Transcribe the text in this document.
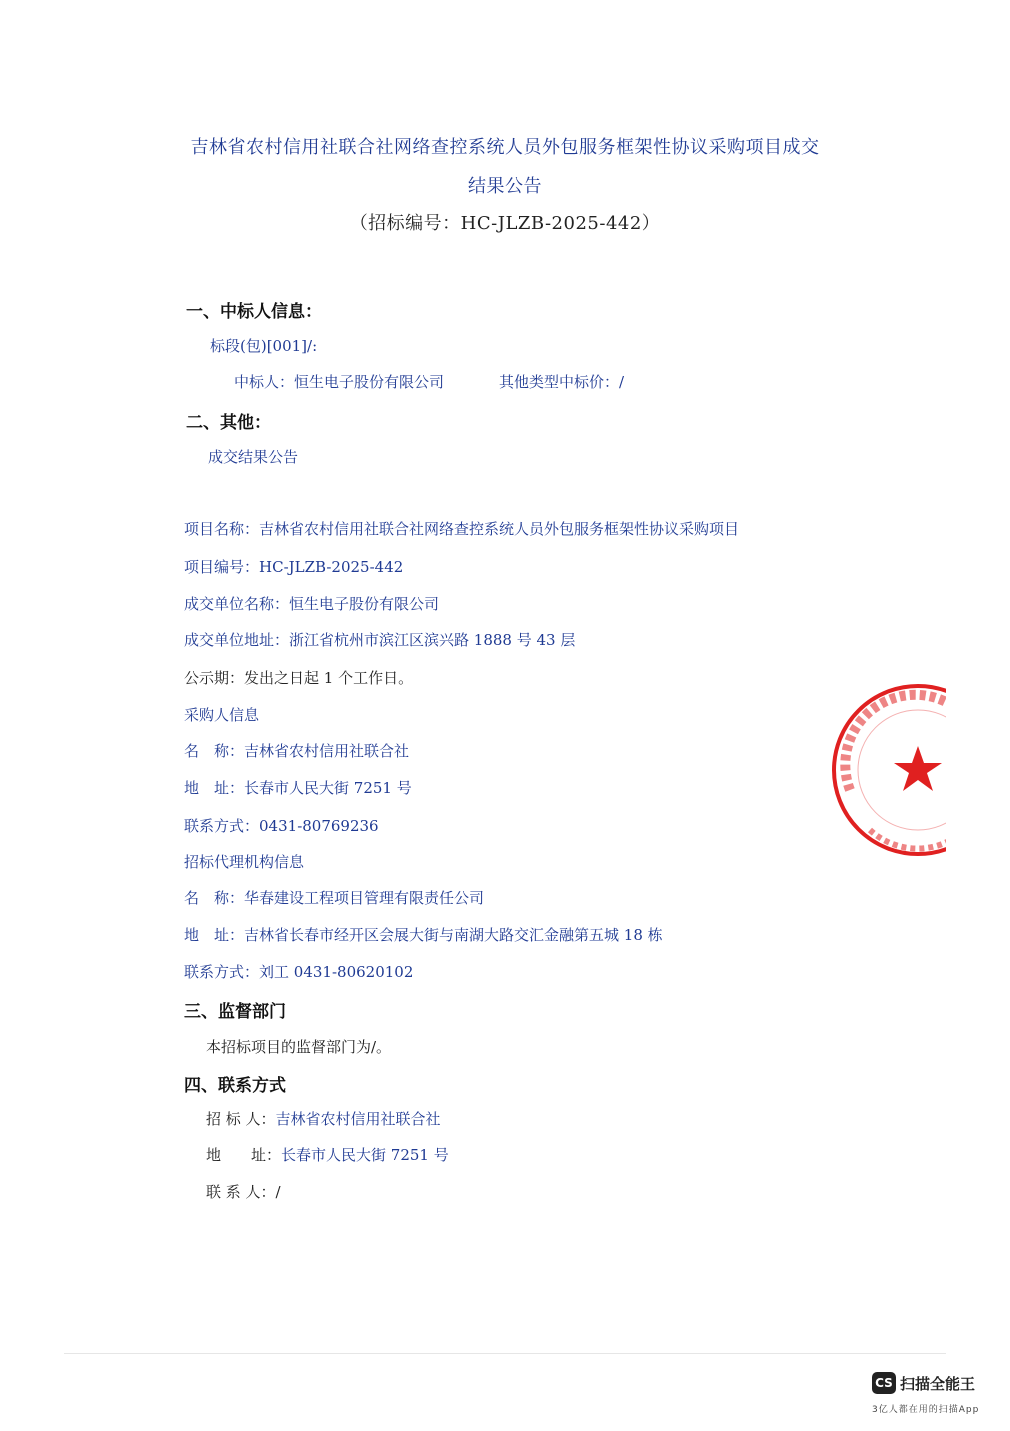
吉林省农村信用社联合社网络查控系统人员外包服务框架性协议采购项目成交
结果公告
（招标编号：HC-JLZB-2025-442）
一、中标人信息：
标段(包)[001]/:
中标人：恒生电子股份有限公司	其他类型中标价：/
二、其他：
成交结果公告
项目名称：吉林省农村信用社联合社网络查控系统人员外包服务框架性协议采购项目
项目编号：HC-JLZB-2025-442
成交单位名称：恒生电子股份有限公司
成交单位地址：浙江省杭州市滨江区滨兴路 1888 号 43 层
公示期：发出之日起 1 个工作日。
采购人信息
名　称：吉林省农村信用社联合社
地　址：长春市人民大街 7251 号
联系方式：0431-80769236
招标代理机构信息
名　称：华春建设工程项目管理有限责任公司
地　址：吉林省长春市经开区会展大街与南湖大路交汇金融第五城 18 栋
联系方式：刘工 0431-80620102
三、监督部门
本招标项目的监督部门为/。
四、联系方式
招 标 人：吉林省农村信用社联合社
地　　址：长春市人民大街 7251 号
联 系 人：/
CS 扫描全能王
3亿人都在用的扫描App
